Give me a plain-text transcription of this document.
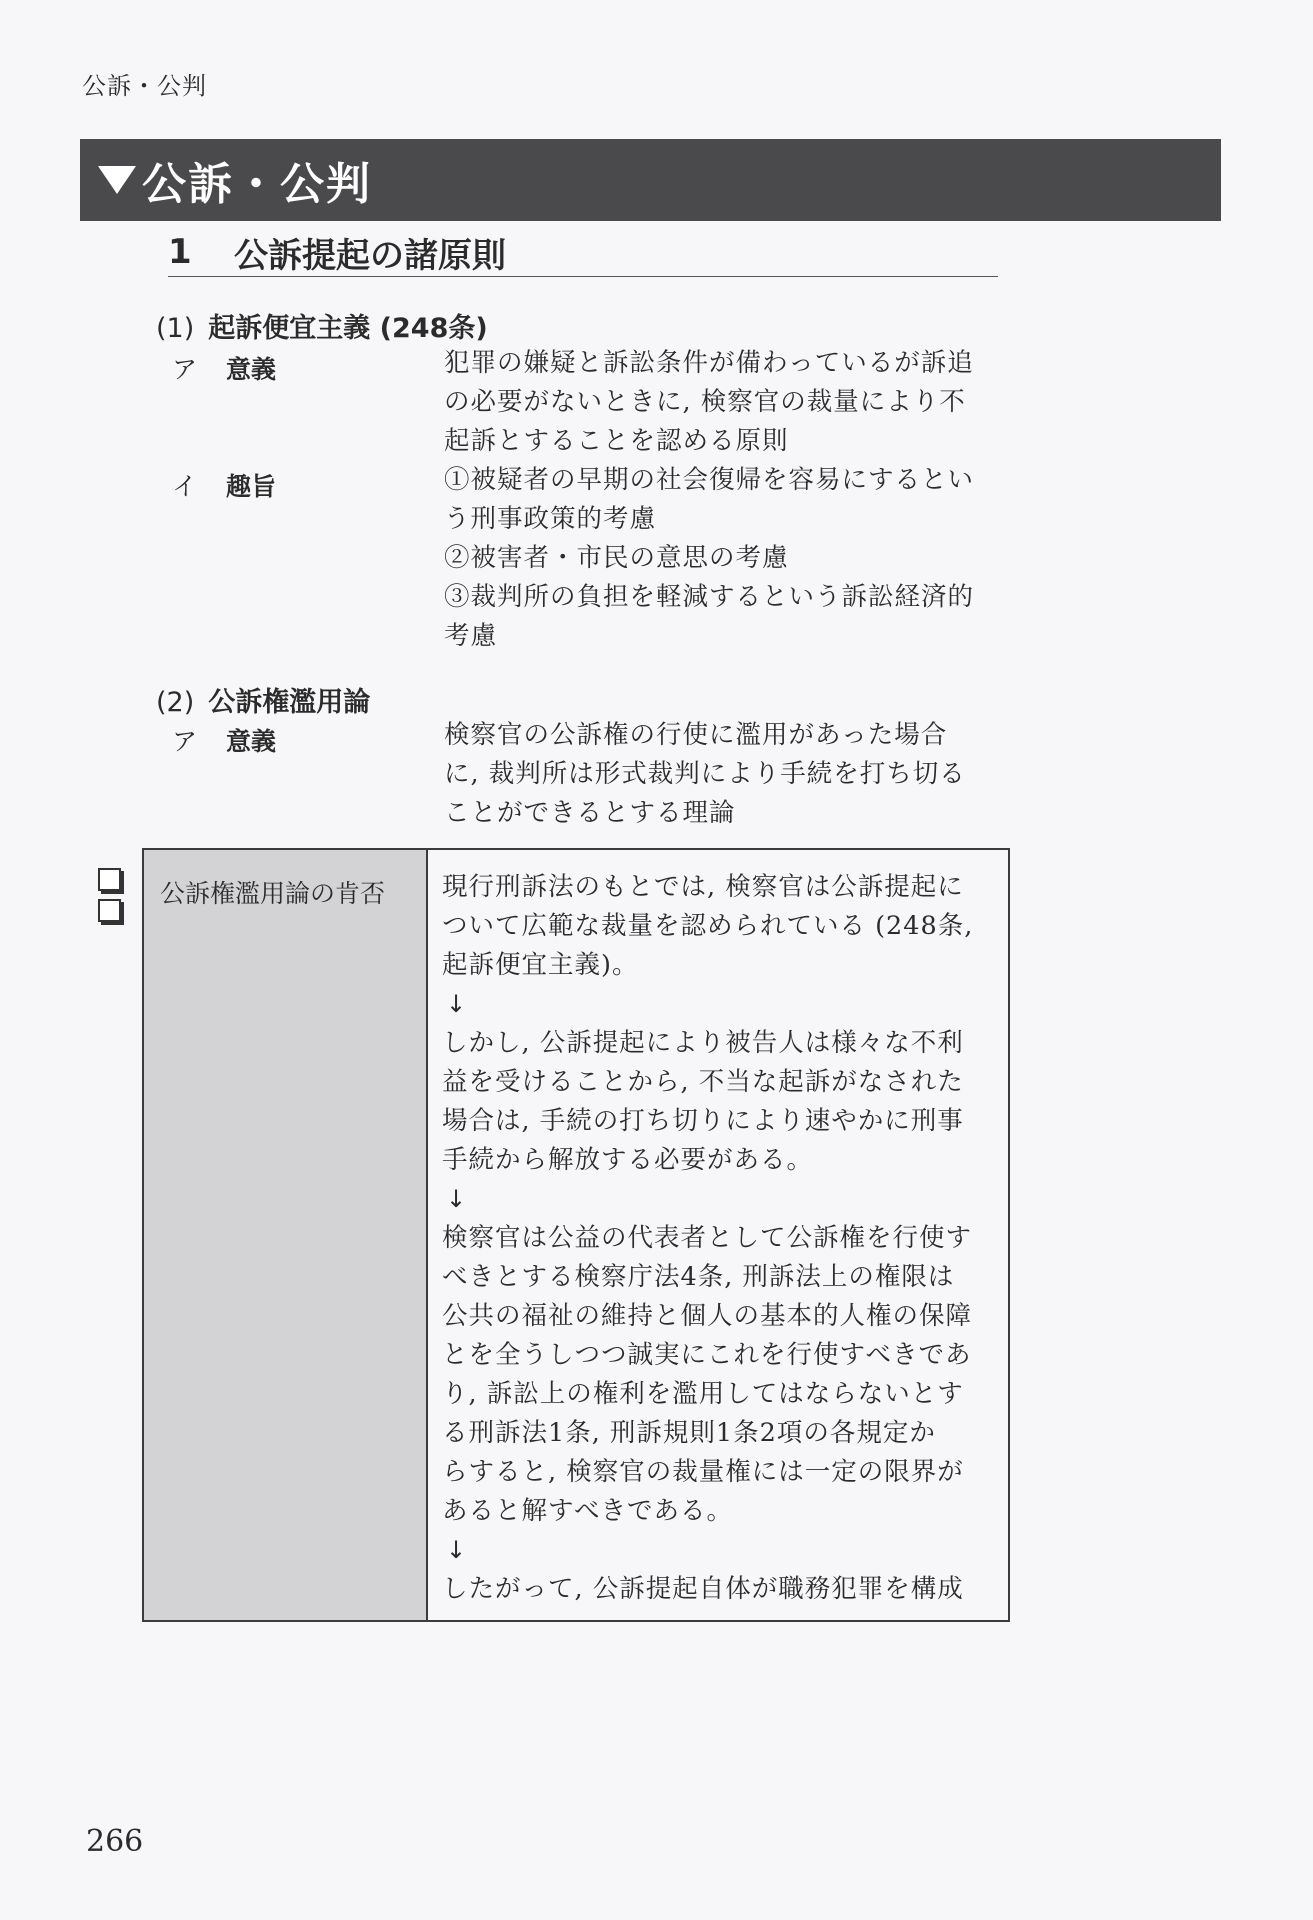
公訴・公判
公訴・公判
1	公訴提起の諸原則
(1) 起訴便宜主義 (248条)
ア 意義	犯罪の嫌疑と訴訟条件が備わっているが訴追

の必要がないときに, 検察官の裁量により不

起訴とすることを認める原則

イ 趣旨	①被疑者の早期の社会復帰を容易にするとい

う刑事政策的考慮

②被害者・市民の意思の考慮

③裁判所の負担を軽減するという訴訟経済的

考慮

(2) 公訴権濫用論
ア 意義	検察官の公訴権の行使に濫用があった場合

に, 裁判所は形式裁判により手続を打ち切る

ことができるとする理論

公訴権濫用論の肯否	現行刑訴法のもとでは, 検察官は公訴提起に

ついて広範な裁量を認められている (248条,

起訴便宜主義)。

↓

しかし, 公訴提起により被告人は様々な不利

益を受けることから, 不当な起訴がなされた

場合は, 手続の打ち切りにより速やかに刑事

手続から解放する必要がある。

↓

検察官は公益の代表者として公訴権を行使す

べきとする検察庁法4条, 刑訴法上の権限は

公共の福祉の維持と個人の基本的人権の保障

とを全うしつつ誠実にこれを行使すべきであ

り, 訴訟上の権利を濫用してはならないとす

る刑訴法1条, 刑訴規則1条2項の各規定か

らすると, 検察官の裁量権には一定の限界が

あると解すべきである。

↓

したがって, 公訴提起自体が職務犯罪を構成

266
